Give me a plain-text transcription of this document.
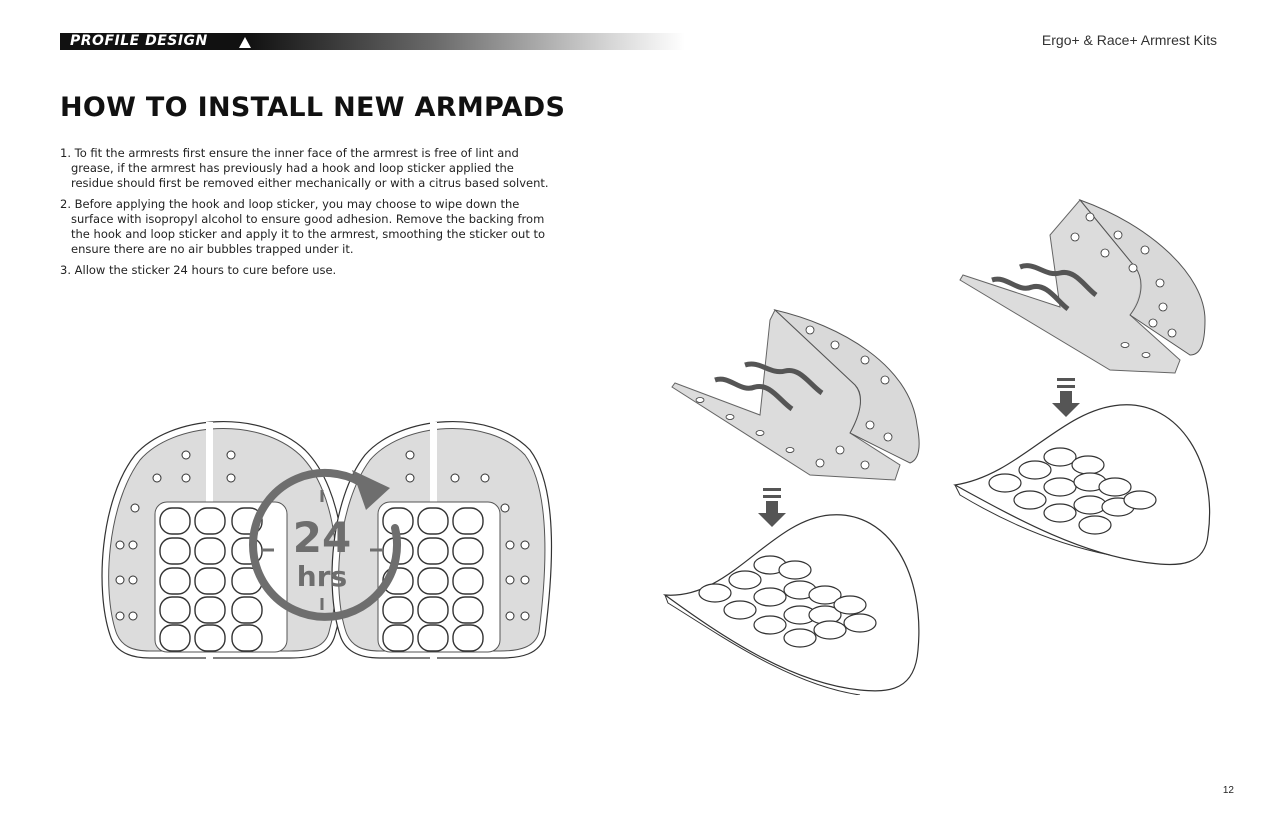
PROFILE DESIGN	Ergo+ & Race+ Armrest Kits
HOW TO INSTALL NEW ARMPADS
1. To fit the armrests first ensure the inner face of the armrest is free of lint and grease, if the armrest has previously had a hook and loop sticker applied the residue should first be removed either mechanically or with a citrus based solvent.
2. Before applying the hook and loop sticker, you may choose to wipe down the surface with isopropyl alcohol to ensure good adhesion. Remove the backing from the hook and loop sticker and apply it to the armrest, smoothing the sticker out to ensure there are no air bubbles trapped under it.
3. Allow the sticker 24 hours to cure before use.
24
hrs
12
